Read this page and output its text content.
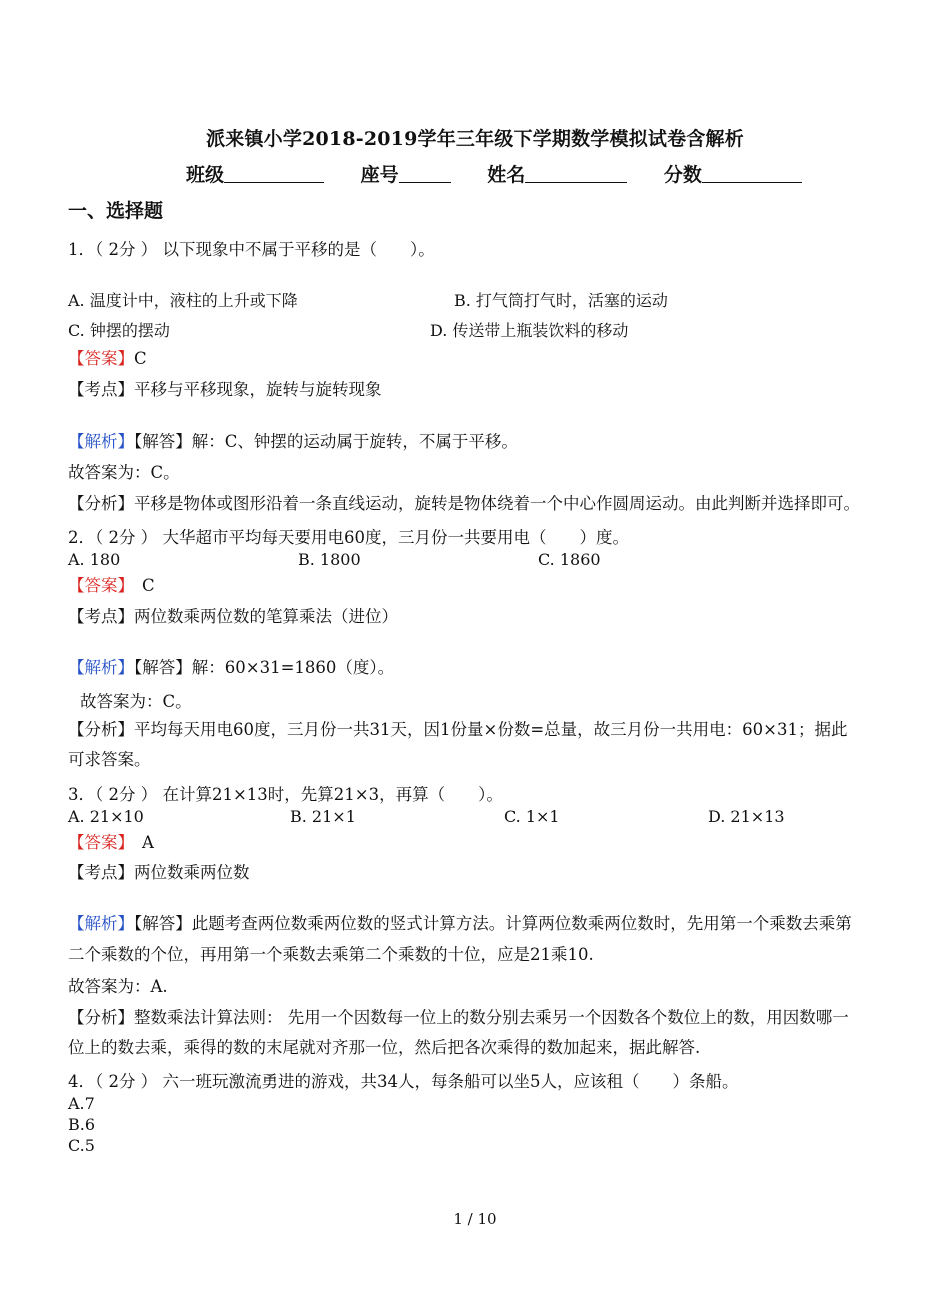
派来镇小学2018-2019学年三年级下学期数学模拟试卷含解析
班级	座号	姓名	分数
一、选择题
1．（ 2分 ） 以下现象中不属于平移的是（　　）。
A. 温度计中，液柱的上升或下降	B. 打气筒打气时，活塞的运动
C. 钟摆的摆动	D. 传送带上瓶装饮料的移动
【答案】C
【考点】平移与平移现象，旋转与旋转现象
【解析】【解答】解：C、钟摆的运动属于旋转，不属于平移。
故答案为：C。
【分析】平移是物体或图形沿着一条直线运动，旋转是物体绕着一个中心作圆周运动。由此判断并选择即可。
2．（ 2分 ） 大华超市平均每天要用电60度，三月份一共要用电（　　）度。
A. 180	B. 1800	C. 1860
【答案】 C
【考点】两位数乘两位数的笔算乘法（进位）
【解析】【解答】解：60×31=1860（度）。
故答案为：C。
【分析】平均每天用电60度，三月份一共31天，因1份量×份数=总量，故三月份一共用电：60×31；据此
可求答案。
3．（ 2分 ） 在计算21×13时，先算21×3，再算（　　）。
A. 21×10	B. 21×1	C. 1×1	D. 21×13
【答案】 A
【考点】两位数乘两位数
【解析】【解答】此题考查两位数乘两位数的竖式计算方法。计算两位数乘两位数时，先用第一个乘数去乘第
二个乘数的个位，再用第一个乘数去乘第二个乘数的十位，应是21乘10.
故答案为：A.
【分析】整数乘法计算法则： 先用一个因数每一位上的数分别去乘另一个因数各个数位上的数，用因数哪一
位上的数去乘，乘得的数的末尾就对齐那一位，然后把各次乘得的数加起来，据此解答.
4．（ 2分 ） 六一班玩激流勇进的游戏，共34人，每条船可以坐5人，应该租（　　）条船。
A.7
B.6
C.5
1 / 10
